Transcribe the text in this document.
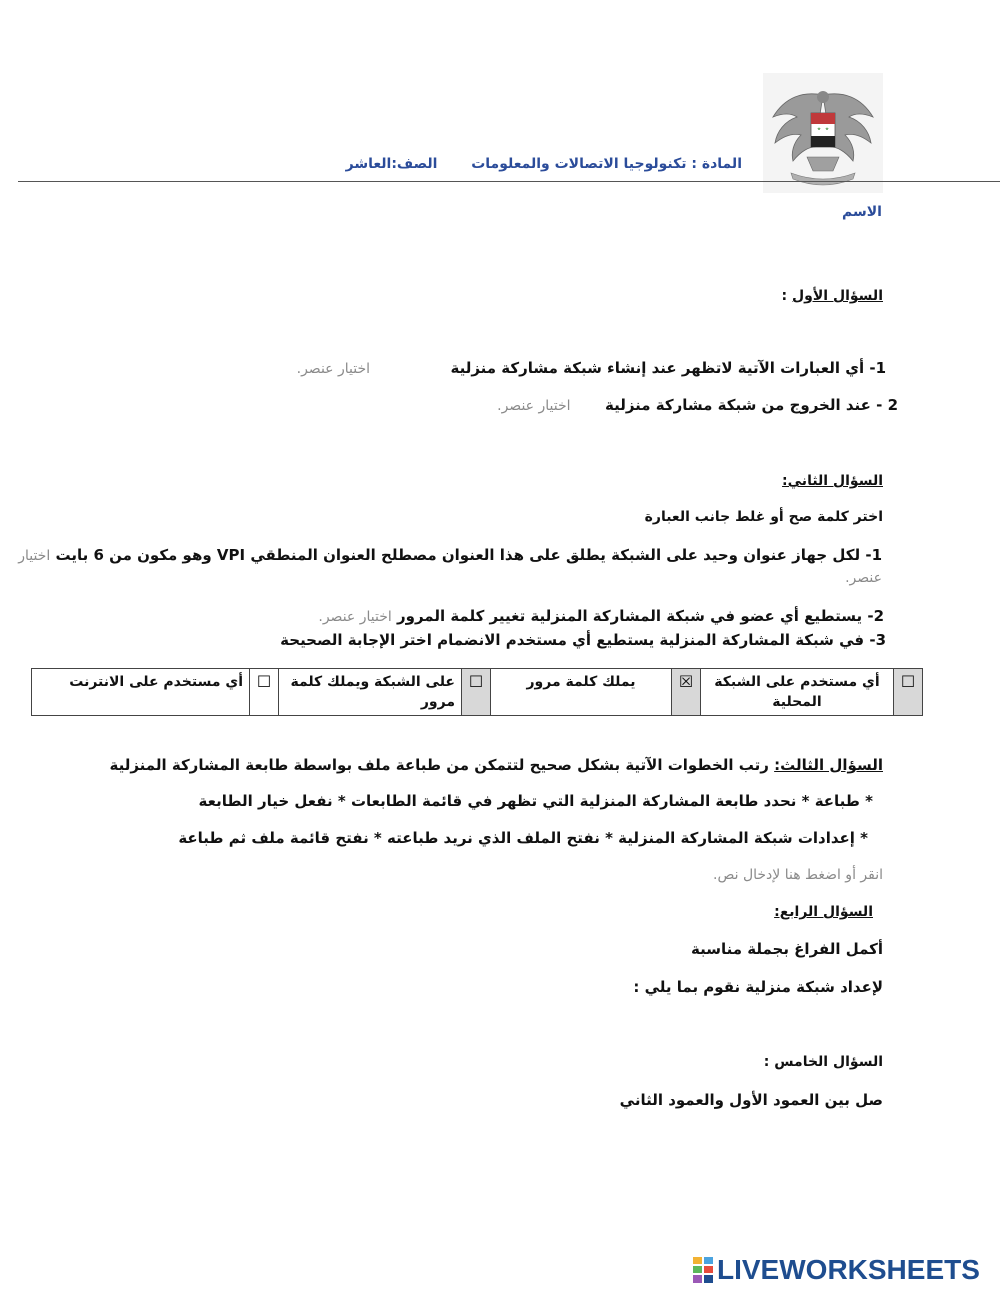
المادة : تكنولوجيا الاتصالات والمعلومات  الصف:العاشر
الاسم
السؤال الأول :
1- أي العبارات الآتية لاتظهر عند إنشاء شبكة مشاركة منزلية  اختيار عنصر.
2 - عند الخروج من شبكة مشاركة منزلية  اختيار عنصر.
السؤال الثاني:
اختر كلمة صح أو غلط جانب العبارة
1- لكل جهاز عنوان وحيد على الشبكة يطلق على هذا العنوان مصطلح العنوان المنطقي VPI وهو مكون من 6 بايت اختيار
عنصر.
2- يستطيع أي عضو في شبكة المشاركة المنزلية تغيير كلمة المرور اختيار عنصر.
3- في شبكة المشاركة المنزلية يستطيع أي مستخدم الانضمام اختر الإجابة الصحيحة
☐	أي مستخدم على الشبكة المحلية	☒	يملك كلمة مرور	☐	على الشبكة ويملك كلمة مرور	☐	أي مستخدم على الانترنت
السؤال الثالث: رتب الخطوات الآتية بشكل صحيح لتتمكن من طباعة ملف بواسطة طابعة المشاركة المنزلية
* طباعة * نحدد طابعة المشاركة المنزلية التي تظهر في قائمة الطابعات * نفعل خيار الطابعة
* إعدادات شبكة المشاركة المنزلية * نفتح الملف الذي نريد طباعته * نفتح قائمة ملف ثم طباعة
انقر أو اضغط هنا لإدخال نص.
السؤال الرابع:
أكمل الفراغ بجملة مناسبة
لإعداد شبكة منزلية نقوم بما يلي :
السؤال الخامس :
صل بين العمود الأول والعمود الثاني
LIVEWORKSHEETS
